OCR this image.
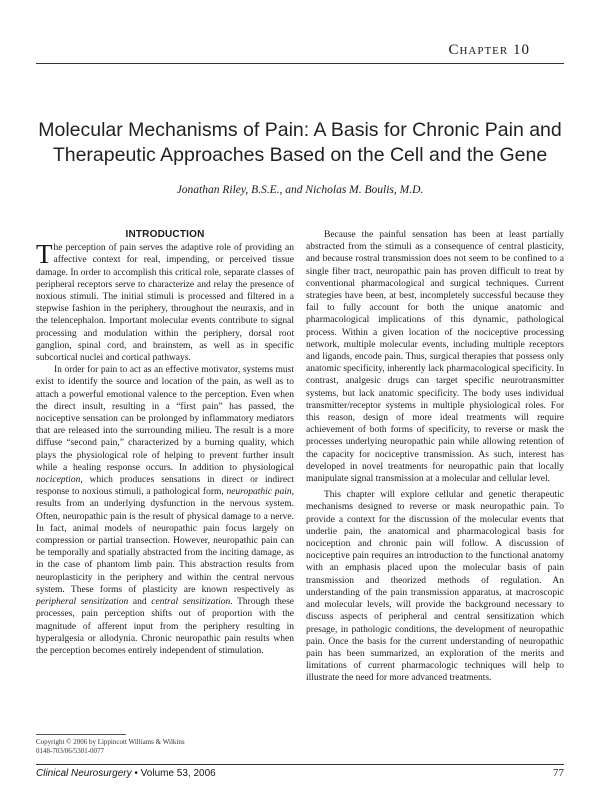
Chapter 10
Molecular Mechanisms of Pain: A Basis for Chronic Pain and
Therapeutic Approaches Based on the Cell and the Gene
Jonathan Riley, B.S.E., and Nicholas M. Boulis, M.D.
INTRODUCTION

The perception of pain serves the adaptive role of providing an affective context for real, impending, or perceived tissue damage. In order to accomplish this critical role, separate classes of peripheral receptors serve to characterize and relay the presence of noxious stimuli. The initial stimuli is processed and filtered in a stepwise fashion in the periphery, throughout the neuraxis, and in the telencephalon. Important molecular events contribute to signal processing and modulation within the periphery, dorsal root ganglion, spinal cord, and brainstem, as well as in specific subcortical nuclei and cortical pathways.

In order for pain to act as an effective motivator, systems must exist to identify the source and location of the pain, as well as to attach a powerful emotional valence to the perception. Even when the direct insult, resulting in a “first pain” has passed, the nociceptive sensation can be prolonged by inflammatory mediators that are released into the surrounding milieu. The result is a more diffuse “second pain,” characterized by a burning quality, which plays the physiological role of helping to prevent further insult while a healing response occurs. In addition to physiological nociception, which produces sensations in direct or indirect response to noxious stimuli, a pathological form, neuropathic pain, results from an underlying dysfunction in the nervous system. Often, neuropathic pain is the result of physical damage to a nerve. In fact, animal models of neuropathic pain focus largely on compression or partial transection. However, neuropathic pain can be temporally and spatially abstracted from the inciting damage, as in the case of phantom limb pain. This abstraction results from neuroplasticity in the periphery and within the central nervous system. These forms of plasticity are known respectively as peripheral sensitization and central sensitization. Through these processes, pain perception shifts out of proportion with the magnitude of afferent input from the periphery resulting in hyperalgesia or allodynia. Chronic neuropathic pain results when the perception becomes entirely independent of stimulation.

Because the painful sensation has been at least partially abstracted from the stimuli as a consequence of central plasticity, and because rostral transmission does not seem to be confined to a single fiber tract, neuropathic pain has proven difficult to treat by conventional pharmacological and surgical techniques. Current strategies have been, at best, incompletely successful because they fail to fully account for both the unique anatomic and pharmacological implications of this dynamic, pathological process. Within a given location of the nociceptive processing network, multiple molecular events, including multiple receptors and ligands, encode pain. Thus, surgical therapies that possess only anatomic specificity, inherently lack pharmacological specificity. In contrast, analgesic drugs can target specific neurotransmitter systems, but lack anatomic specificity. The body uses individual transmitter/receptor systems in multiple physiological roles. For this reason, design of more ideal treatments will require achievement of both forms of specificity, to reverse or mask the processes underlying neuropathic pain while allowing retention of the capacity for nociceptive transmission. As such, interest has developed in novel treatments for neuropathic pain that locally manipulate signal transmission at a molecular and cellular level.

This chapter will explore cellular and genetic therapeutic mechanisms designed to reverse or mask neuropathic pain. To provide a context for the discussion of the molecular events that underlie pain, the anatomical and pharmacological basis for nociception and chronic pain will follow. A discussion of nociceptive pain requires an introduction to the functional anatomy with an emphasis placed upon the molecular basis of pain transmission and theorized methods of regulation. An understanding of the pain transmission apparatus, at macroscopic and molecular levels, will provide the background necessary to discuss aspects of peripheral and central sensitization which presage, in pathologic conditions, the development of neuropathic pain. Once the basis for the current understanding of neuropathic pain has been summarized, an exploration of the merits and limitations of current pharmacologic techniques will help to illustrate the need for more advanced treatments.

Copyright © 2006 by Lippincott Williams & Wilkins
0148-703/06/5301-0077
Clinical Neurosurgery • Volume 53, 2006	77
